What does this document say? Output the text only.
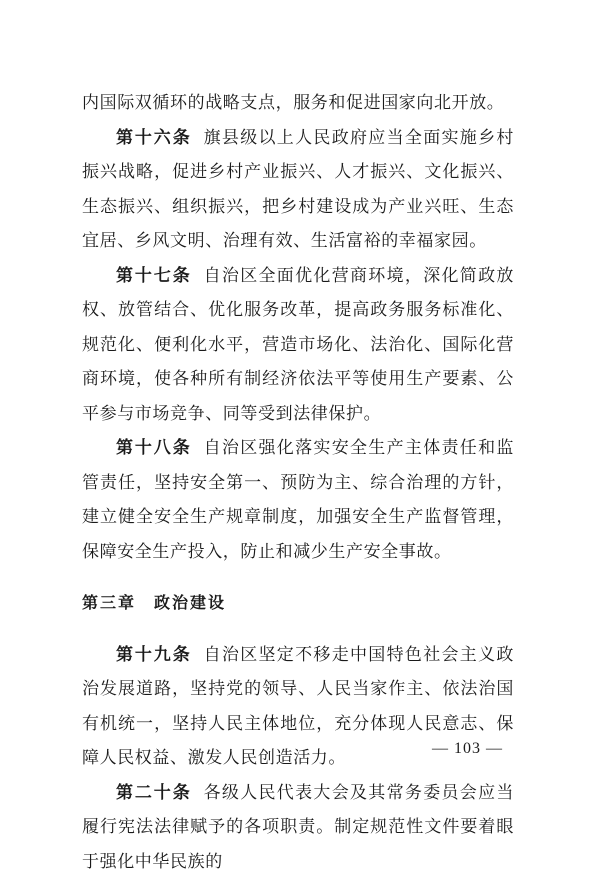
内国际双循环的战略支点，服务和促进国家向北开放。

第十六条 旗县级以上人民政府应当全面实施乡村振兴战略，促进乡村产业振兴、人才振兴、文化振兴、生态振兴、组织振兴，把乡村建设成为产业兴旺、生态宜居、乡风文明、治理有效、生活富裕的幸福家园。

第十七条 自治区全面优化营商环境，深化简政放权、放管结合、优化服务改革，提高政务服务标准化、规范化、便利化水平，营造市场化、法治化、国际化营商环境，使各种所有制经济依法平等使用生产要素、公平参与市场竞争、同等受到法律保护。

第十八条 自治区强化落实安全生产主体责任和监管责任，坚持安全第一、预防为主、综合治理的方针，建立健全安全生产规章制度，加强安全生产监督管理，保障安全生产投入，防止和减少生产安全事故。

第三章 政治建设

第十九条 自治区坚定不移走中国特色社会主义政治发展道路，坚持党的领导、人民当家作主、依法治国有机统一，坚持人民主体地位，充分体现人民意志、保障人民权益、激发人民创造活力。

第二十条 各级人民代表大会及其常务委员会应当履行宪法法律赋予的各项职责。制定规范性文件要着眼于强化中华民族的

— 103 —
